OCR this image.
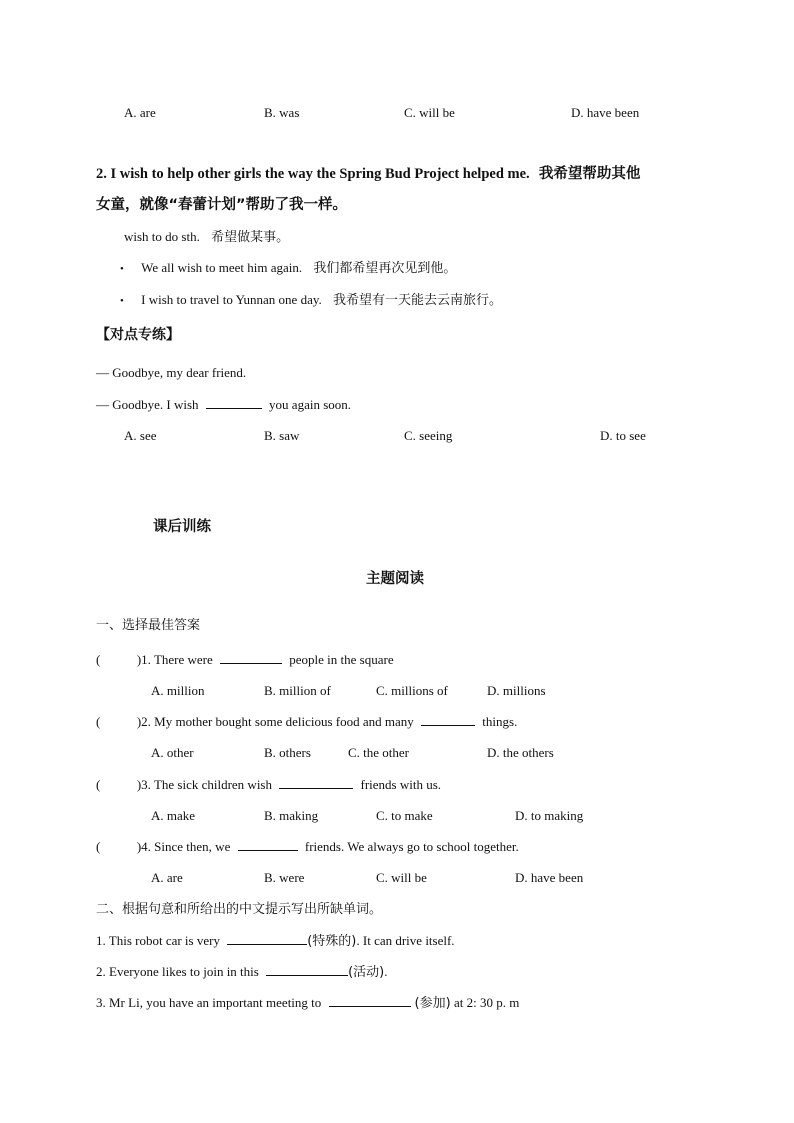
A. are	B. was	C. will be	D. have been
2. I wish to help other girls the way the Spring Bud Project helped me. 我希望帮助其他
女童，就像“春蕾计划”帮助了我一样。
wish to do sth. 希望做某事。
• We all wish to meet him again. 我们都希望再次见到他。
• I wish to travel to Yunnan one day. 我希望有一天能去云南旅行。
【对点专练】
— Goodbye, my dear friend.
— Goodbye. I wish	you again soon.
A. see	B. saw	C. seeing	D. to see
课后训练
主题阅读
一、选择最佳答案
(	)1. There were	people in the square
A. million	B. million of	C. millions of	D. millions
(	)2. My mother bought some delicious food and many	things.
A. other	B. others	C. the other	D. the others
(	)3. The sick children wish	friends with us.
A. make	B. making	C. to make	D. to making
(	)4. Since then, we	friends. We always go to school together.
A. are	B. were	C. will be	D. have been
二、根据句意和所给出的中文提示写出所缺单词。
1. This robot car is very	(特殊的). It can drive itself.
2. Everyone likes to join in this	(活动).
3. Mr Li, you have an important meeting to	(参加) at 2: 30 p. m
